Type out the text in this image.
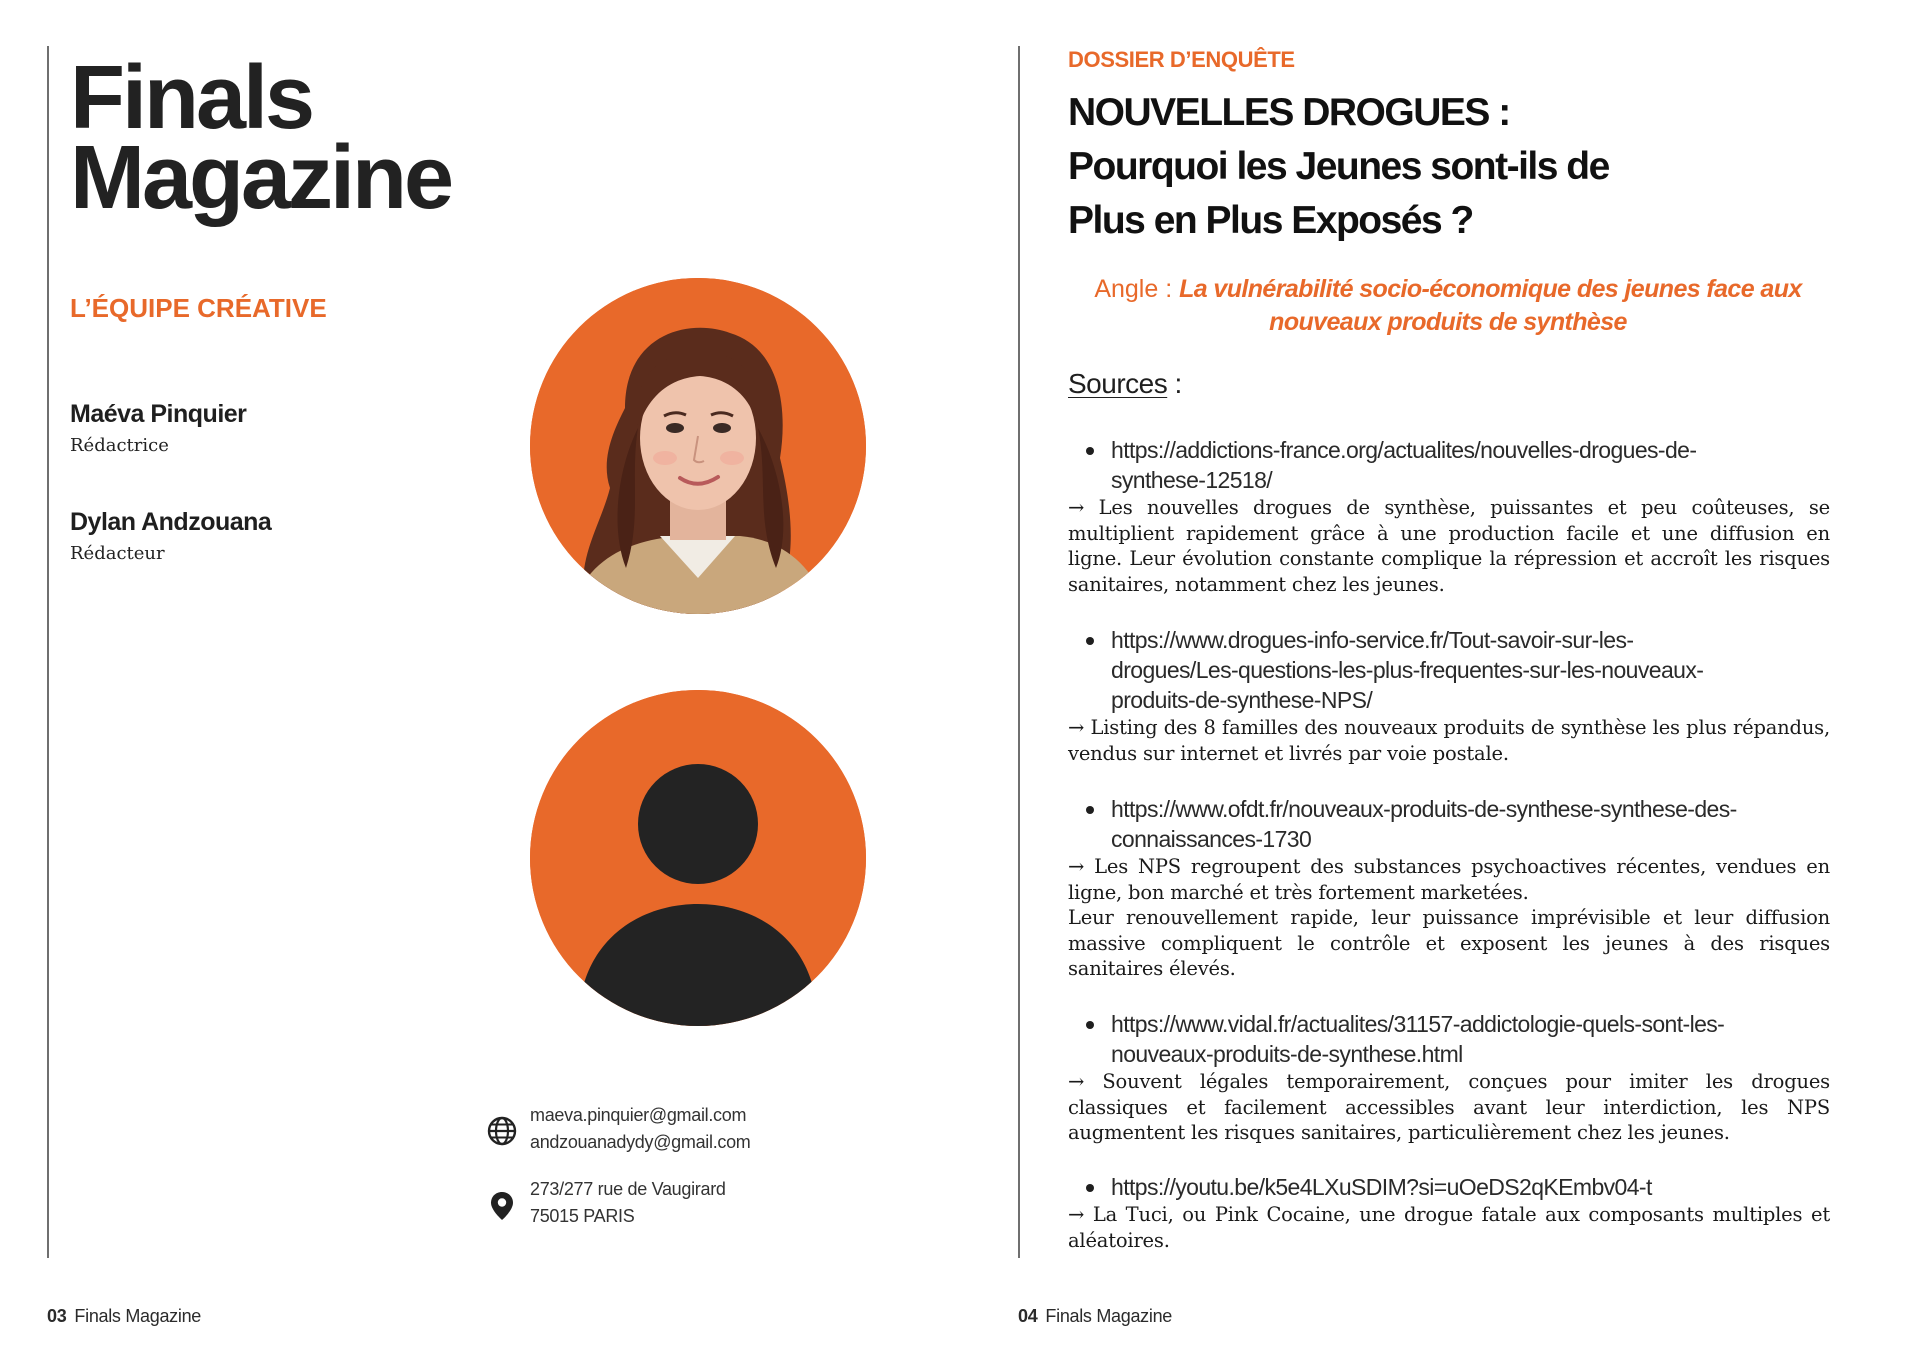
Finals
Magazine
L’ÉQUIPE CRÉATIVE
Maéva Pinquier
Rédactrice
Dylan Andzouana
Rédacteur
maeva.pinquier@gmail.com
andzouanadydy@gmail.com
273/277 rue de Vaugirard
75015 PARIS
03 Finals Magazine
DOSSIER D’ENQUÊTE
NOUVELLES DROGUES :
Pourquoi les Jeunes sont-ils de
Plus en Plus Exposés ?
Angle : La vulnérabilité socio-économique des jeunes face aux nouveaux produits de synthèse
Sources :
https://addictions-france.org/actualites/nouvelles-drogues-de-
synthese-12518/

→ Les nouvelles drogues de synthèse, puissantes et peu coûteuses, se multiplient rapidement grâce à une production facile et une diffusion en ligne. Leur évolution constante complique la répression et accroît les risques sanitaires, notamment chez les jeunes.

https://www.drogues-info-service.fr/Tout-savoir-sur-les-
drogues/Les-questions-les-plus-frequentes-sur-les-nouveaux-
produits-de-synthese-NPS/

→ Listing des 8 familles des nouveaux produits de synthèse les plus répandus, vendus sur internet et livrés par voie postale.

https://www.ofdt.fr/nouveaux-produits-de-synthese-synthese-des-
connaissances-1730

→ Les NPS regroupent des substances psychoactives récentes, vendues en ligne, bon marché et très fortement marketées.

Leur renouvellement rapide, leur puissance imprévisible et leur diffusion massive compliquent le contrôle et exposent les jeunes à des risques sanitaires élevés.

https://www.vidal.fr/actualites/31157-addictologie-quels-sont-les-
nouveaux-produits-de-synthese.html

→ Souvent légales temporairement, conçues pour imiter les drogues classiques et facilement accessibles avant leur interdiction, les NPS augmentent les risques sanitaires, particulièrement chez les jeunes.

https://youtu.be/k5e4LXuSDIM?si=uOeDS2qKEmbv04-t

→ La Tuci, ou Pink Cocaine, une drogue fatale aux composants multiples et aléatoires.

04 Finals Magazine
